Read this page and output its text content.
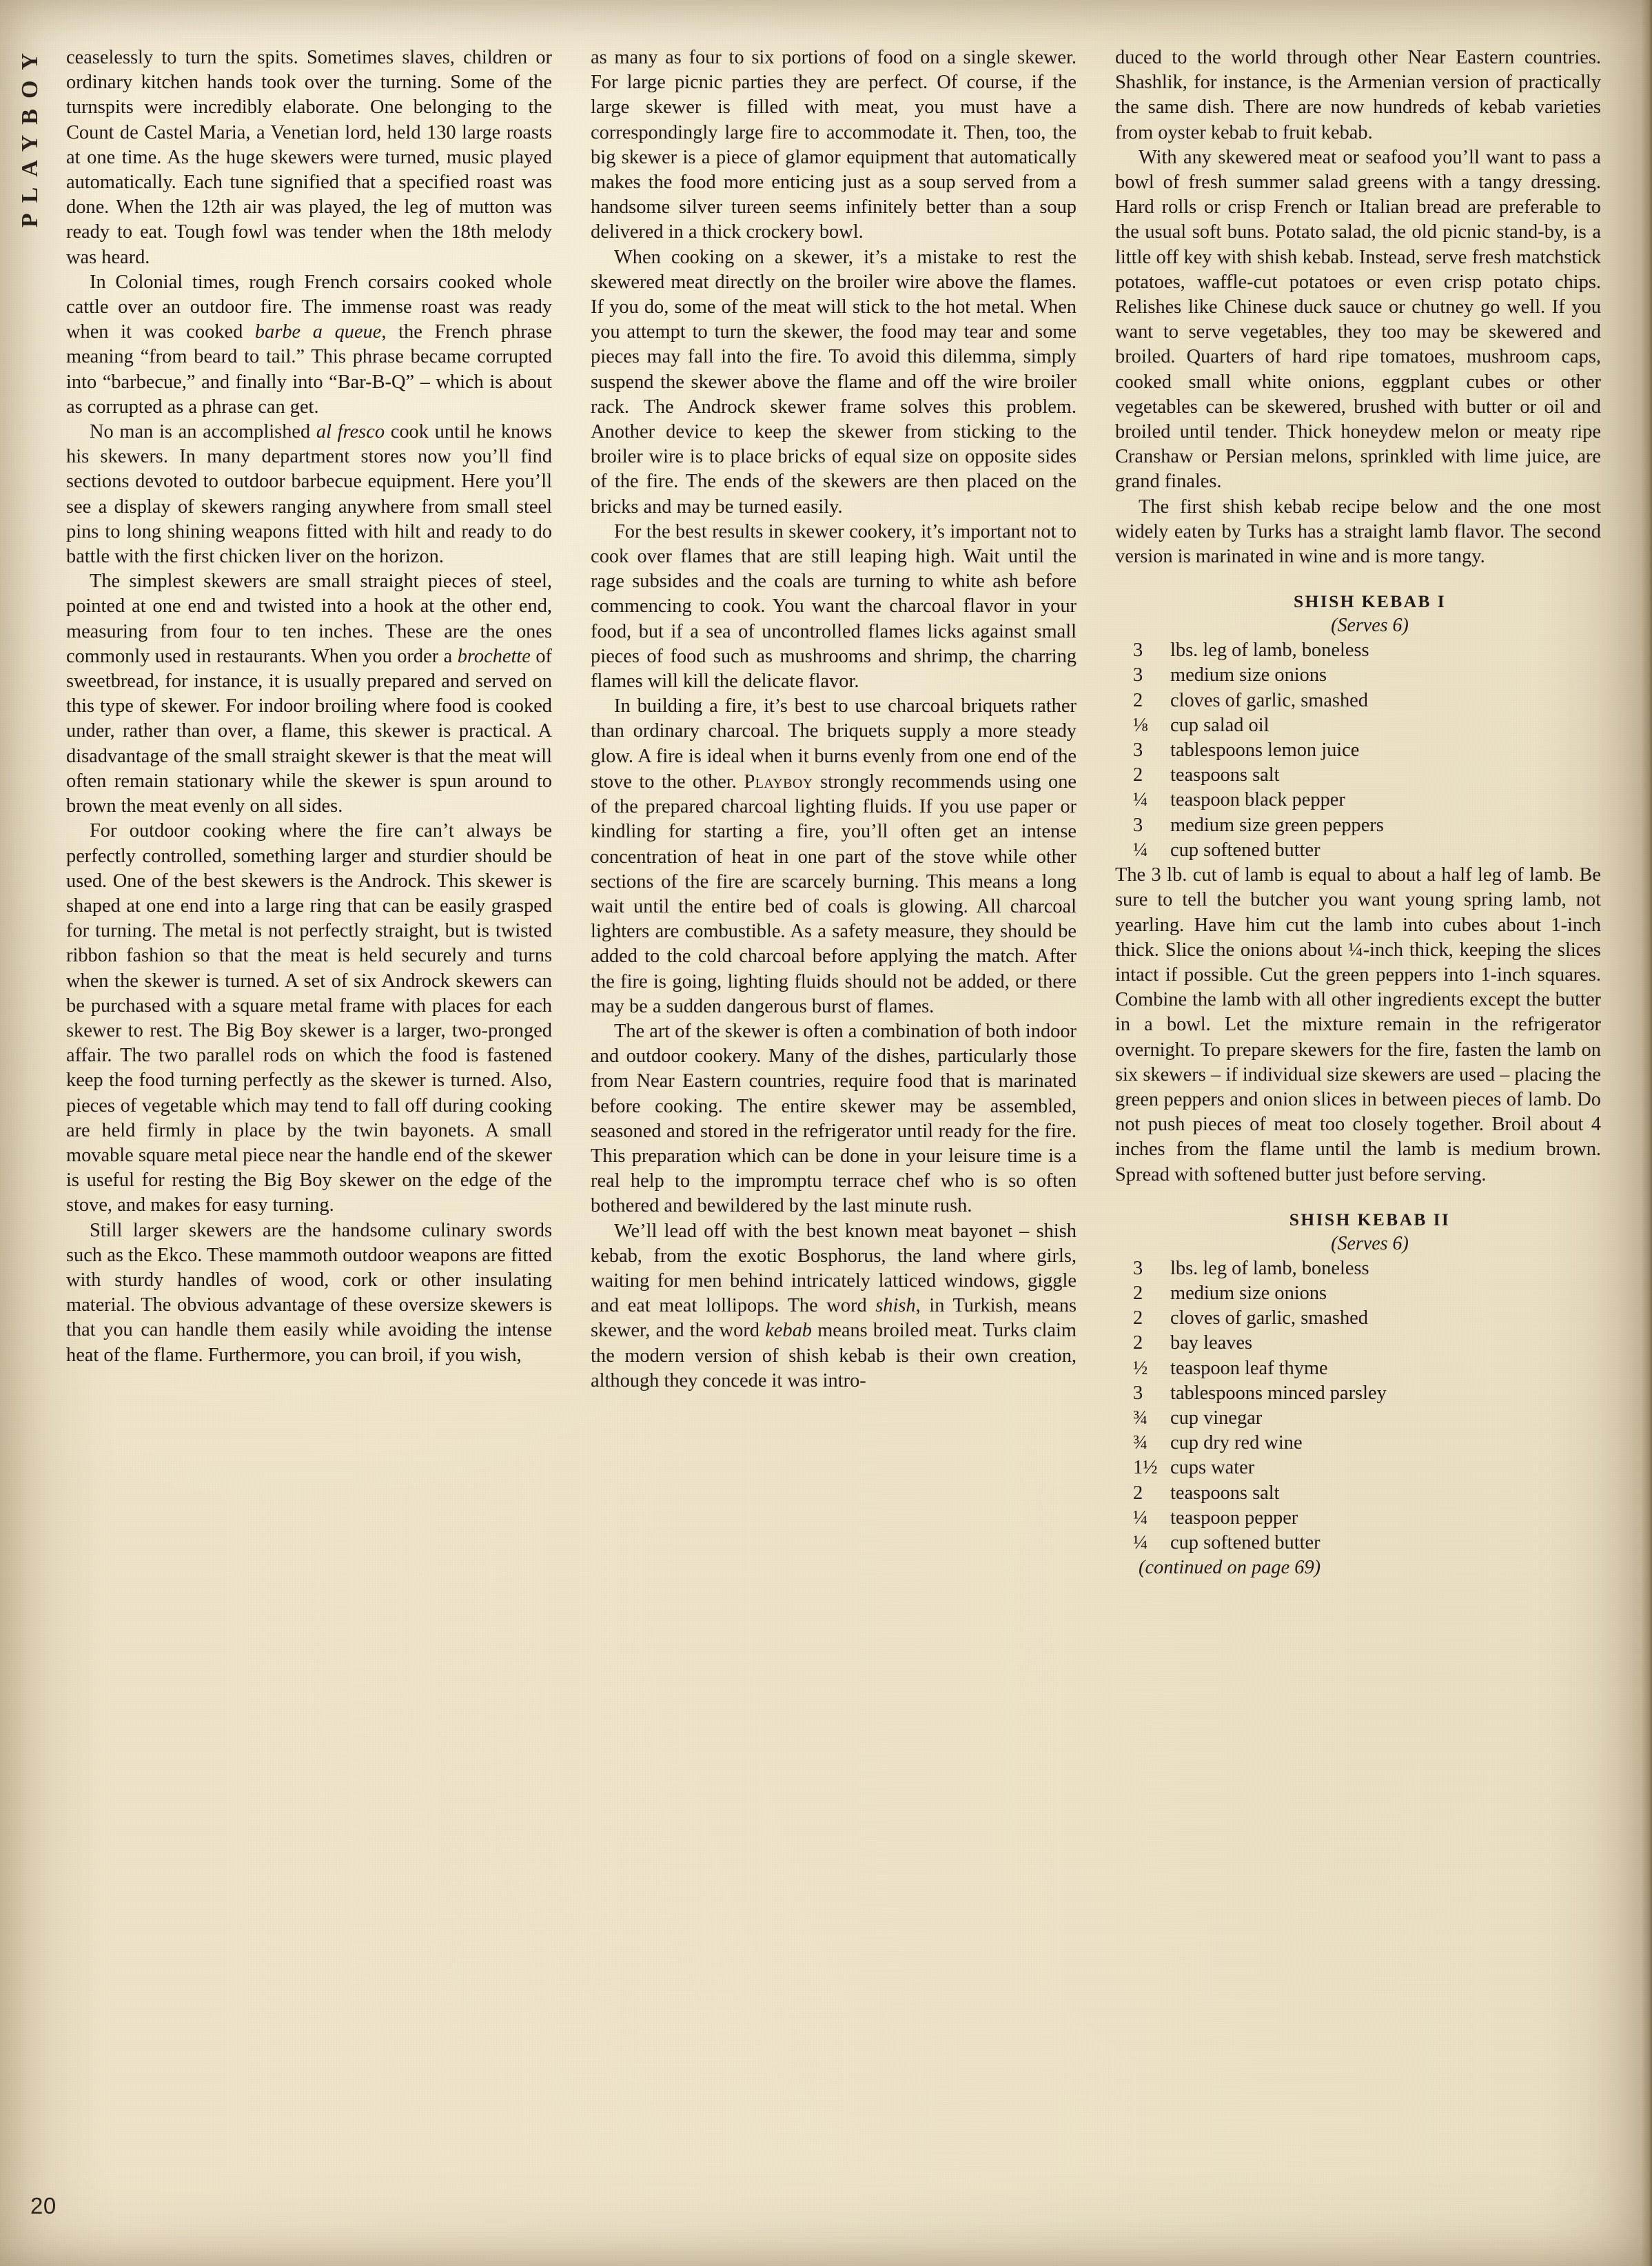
PLAYBOY ceaselessly to turn the spits. Sometimes slaves, children or ordinary kitchen hands took over the turning. Some of the turnspits were incredibly elaborate. One belonging to the Count de Castel Maria, a Venetian lord, held 130 large roasts at one time. As the huge skewers were turned, music played automatically. Each tune signified that a specified roast was done. When the 12th air was played, the leg of mutton was ready to eat. Tough fowl was tender when the 18th melody was heard.

In Colonial times, rough French corsairs cooked whole cattle over an outdoor fire. The immense roast was ready when it was cooked barbe a queue, the French phrase meaning “from beard to tail.” This phrase became corrupted into “barbecue,” and finally into “Bar-B-Q” – which is about as corrupted as a phrase can get.

No man is an accomplished al fresco cook until he knows his skewers. In many department stores now you’ll find sections devoted to outdoor barbecue equipment. Here you’ll see a display of skewers ranging anywhere from small steel pins to long shining weapons fitted with hilt and ready to do battle with the first chicken liver on the horizon.

The simplest skewers are small straight pieces of steel, pointed at one end and twisted into a hook at the other end, measuring from four to ten inches. These are the ones commonly used in restaurants. When you order a brochette of sweetbread, for instance, it is usually prepared and served on this type of skewer. For indoor broiling where food is cooked under, rather than over, a flame, this skewer is practical. A disadvantage of the small straight skewer is that the meat will often remain stationary while the skewer is spun around to brown the meat evenly on all sides.

For outdoor cooking where the fire can’t always be perfectly controlled, something larger and sturdier should be used. One of the best skewers is the Androck. This skewer is shaped at one end into a large ring that can be easily grasped for turning. The metal is not perfectly straight, but is twisted ribbon fashion so that the meat is held securely and turns when the skewer is turned. A set of six Androck skewers can be purchased with a square metal frame with places for each skewer to rest. The Big Boy skewer is a larger, two-pronged affair. The two parallel rods on which the food is fastened keep the food turning perfectly as the skewer is turned. Also, pieces of vegetable which may tend to fall off during cooking are held firmly in place by the twin bayonets. A small movable square metal piece near the handle end of the skewer is useful for resting the Big Boy skewer on the edge of the stove, and makes for easy turning.

Still larger skewers are the handsome culinary swords such as the Ekco. These mammoth outdoor weapons are fitted with sturdy handles of wood, cork or other insulating material. The obvious advantage of these oversize skewers is that you can handle them easily while avoiding the intense heat of the flame. Furthermore, you can broil, if you wish,

as many as four to six portions of food on a single skewer. For large picnic parties they are perfect. Of course, if the large skewer is filled with meat, you must have a correspondingly large fire to accommodate it. Then, too, the big skewer is a piece of glamor equipment that automatically makes the food more enticing just as a soup served from a handsome silver tureen seems infinitely better than a soup delivered in a thick crockery bowl.

When cooking on a skewer, it’s a mistake to rest the skewered meat directly on the broiler wire above the flames. If you do, some of the meat will stick to the hot metal. When you attempt to turn the skewer, the food may tear and some pieces may fall into the fire. To avoid this dilemma, simply suspend the skewer above the flame and off the wire broiler rack. The Androck skewer frame solves this problem. Another device to keep the skewer from sticking to the broiler wire is to place bricks of equal size on opposite sides of the fire. The ends of the skewers are then placed on the bricks and may be turned easily.

For the best results in skewer cookery, it’s important not to cook over flames that are still leaping high. Wait until the rage subsides and the coals are turning to white ash before commencing to cook. You want the charcoal flavor in your food, but if a sea of uncontrolled flames licks against small pieces of food such as mushrooms and shrimp, the charring flames will kill the delicate flavor.

In building a fire, it’s best to use charcoal briquets rather than ordinary charcoal. The briquets supply a more steady glow. A fire is ideal when it burns evenly from one end of the stove to the other. Playboy strongly recommends using one of the prepared charcoal lighting fluids. If you use paper or kindling for starting a fire, you’ll often get an intense concentration of heat in one part of the stove while other sections of the fire are scarcely burning. This means a long wait until the entire bed of coals is glowing. All charcoal lighters are combustible. As a safety measure, they should be added to the cold charcoal before applying the match. After the fire is going, lighting fluids should not be added, or there may be a sudden dangerous burst of flames.

The art of the skewer is often a combination of both indoor and outdoor cookery. Many of the dishes, particularly those from Near Eastern countries, require food that is marinated before cooking. The entire skewer may be assembled, seasoned and stored in the refrigerator until ready for the fire. This preparation which can be done in your leisure time is a real help to the impromptu terrace chef who is so often bothered and bewildered by the last minute rush.

We’ll lead off with the best known meat bayonet – shish kebab, from the exotic Bosphorus, the land where girls, waiting for men behind intricately latticed windows, giggle and eat meat lollipops. The word shish, in Turkish, means skewer, and the word kebab means broiled meat. Turks claim the modern version of shish kebab is their own creation, although they concede it was intro-

duced to the world through other Near Eastern countries. Shashlik, for instance, is the Armenian version of practically the same dish. There are now hundreds of kebab varieties from oyster kebab to fruit kebab.

With any skewered meat or seafood you’ll want to pass a bowl of fresh summer salad greens with a tangy dressing. Hard rolls or crisp French or Italian bread are preferable to the usual soft buns. Potato salad, the old picnic stand-by, is a little off key with shish kebab. Instead, serve fresh matchstick potatoes, waffle-cut potatoes or even crisp potato chips. Relishes like Chinese duck sauce or chutney go well. If you want to serve vegetables, they too may be skewered and broiled. Quarters of hard ripe tomatoes, mushroom caps, cooked small white onions, eggplant cubes or other vegetables can be skewered, brushed with butter or oil and broiled until tender. Thick honeydew melon or meaty ripe Cranshaw or Persian melons, sprinkled with lime juice, are grand finales.

The first shish kebab recipe below and the one most widely eaten by Turks has a straight lamb flavor. The second version is marinated in wine and is more tangy.

SHISH KEBAB I

(Serves 6)

3	lbs. leg of lamb, boneless
3	medium size onions
2	cloves of garlic, smashed
⅛	cup salad oil
3	tablespoons lemon juice
2	teaspoons salt
¼	teaspoon black pepper
3	medium size green peppers
¼	cup softened butter

The 3 lb. cut of lamb is equal to about a half leg of lamb. Be sure to tell the butcher you want young spring lamb, not yearling. Have him cut the lamb into cubes about 1-inch thick. Slice the onions about ¼-inch thick, keeping the slices intact if possible. Cut the green peppers into 1-inch squares. Combine the lamb with all other ingredients except the butter in a bowl. Let the mixture remain in the refrigerator overnight. To prepare skewers for the fire, fasten the lamb on six skewers – if individual size skewers are used – placing the green peppers and onion slices in between pieces of lamb. Do not push pieces of meat too closely together. Broil about 4 inches from the flame until the lamb is medium brown. Spread with softened butter just before serving.

SHISH KEBAB II

(Serves 6)

3	lbs. leg of lamb, boneless
2	medium size onions
2	cloves of garlic, smashed
2	bay leaves
½	teaspoon leaf thyme
3	tablespoons minced parsley
¾	cup vinegar
¾	cup dry red wine
1½ cups water
2	teaspoons salt
¼	teaspoon pepper
¼	cup softened butter

(continued on page 69)

20
